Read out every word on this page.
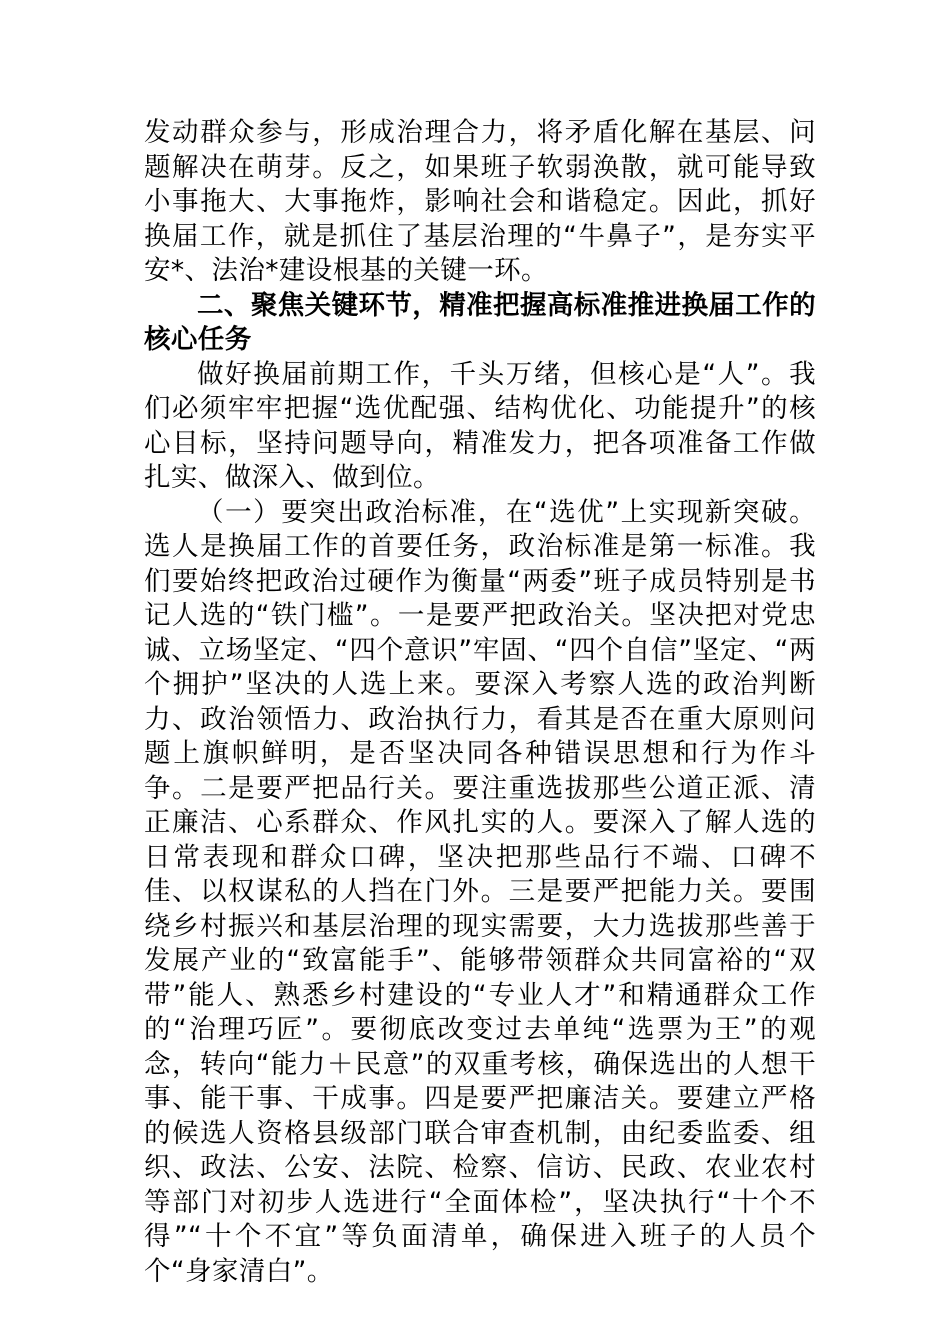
发动群众参与，形成治理合力，将矛盾化解在基层、问题解决在萌芽。反之，如果班子软弱涣散，就可能导致小事拖大、大事拖炸，影响社会和谐稳定。因此，抓好换届工作，就是抓住了基层治理的“牛鼻子”，是夯实平安*、法治*建设根基的关键一环。

二、聚焦关键环节，精准把握高标准推进换届工作的核心任务

做好换届前期工作，千头万绪，但核心是“人”。我们必须牢牢把握“选优配强、结构优化、功能提升”的核心目标，坚持问题导向，精准发力，把各项准备工作做扎实、做深入、做到位。

（一）要突出政治标准，在“选优”上实现新突破。选人是换届工作的首要任务，政治标准是第一标准。我们要始终把政治过硬作为衡量“两委”班子成员特别是书记人选的“铁门槛”。一是要严把政治关。坚决把对党忠诚、立场坚定、“四个意识”牢固、“四个自信”坚定、“两个拥护”坚决的人选上来。要深入考察人选的政治判断力、政治领悟力、政治执行力，看其是否在重大原则问题上旗帜鲜明，是否坚决同各种错误思想和行为作斗争。二是要严把品行关。要注重选拔那些公道正派、清正廉洁、心系群众、作风扎实的人。要深入了解人选的日常表现和群众口碑，坚决把那些品行不端、口碑不佳、以权谋私的人挡在门外。三是要严把能力关。要围绕乡村振兴和基层治理的现实需要，大力选拔那些善于发展产业的“致富能手”、能够带领群众共同富裕的“双带”能人、熟悉乡村建设的“专业人才”和精通群众工作的“治理巧匠”。要彻底改变过去单纯“选票为王”的观念，转向“能力＋民意”的双重考核，确保选出的人想干事、能干事、干成事。四是要严把廉洁关。要建立严格的候选人资格县级部门联合审查机制，由纪委监委、组织、政法、公安、法院、检察、信访、民政、农业农村等部门对初步人选进行“全面体检”，坚决执行“十个不得”“十个不宜”等负面清单，确保进入班子的人员个个“身家清白”。
